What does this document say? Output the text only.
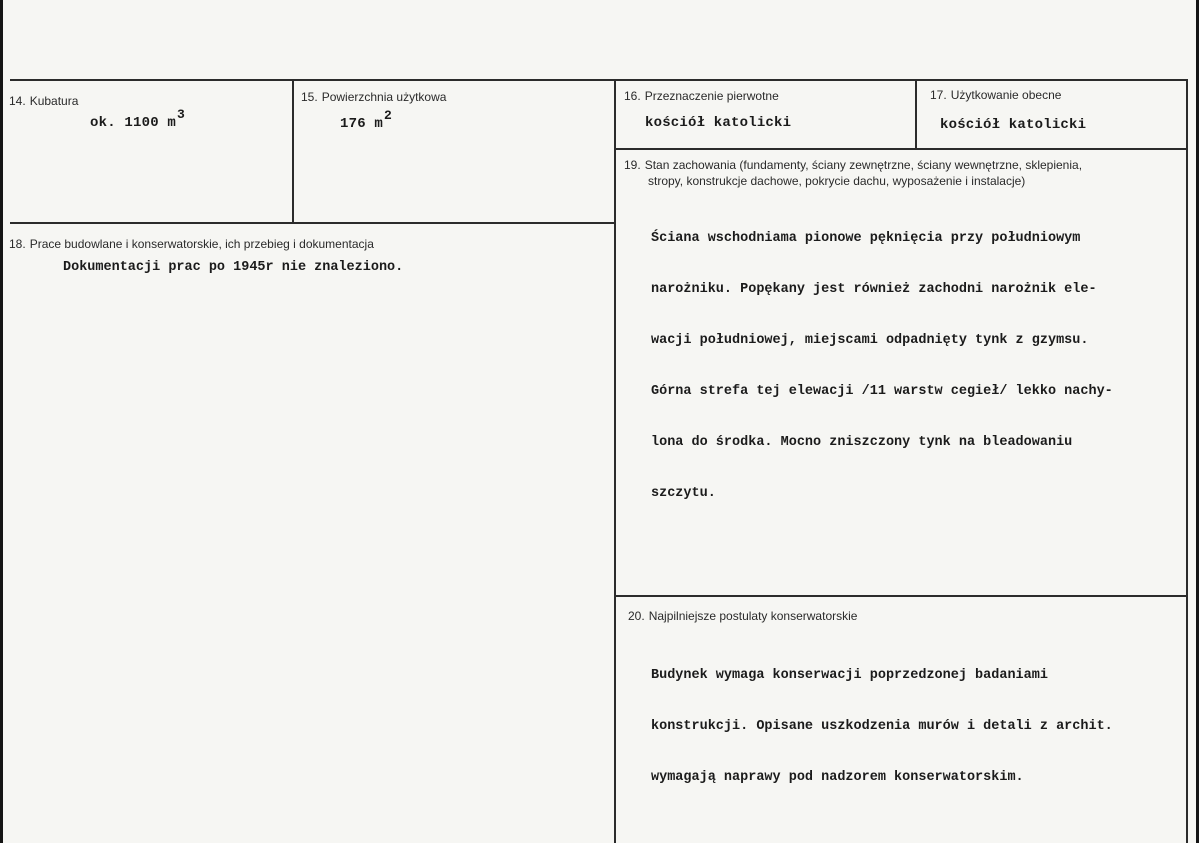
14. Kubatura
ok. 1100 m3
15. Powierzchnia użytkowa
176 m2
16. Przeznaczenie pierwotne
kościół katolicki
17. Użytkowanie obecne
kościół katolicki
18. Prace budowlane i konserwatorskie, ich przebieg i dokumentacja
Dokumentacji prac po 1945r nie znaleziono.
19. Stan zachowania (fundamenty, ściany zewnętrzne, ściany wewnętrzne, sklepienia,
stropy, konstrukcje dachowe, pokrycie dachu, wyposażenie i instalacje)

Ściana wschodniama pionowe pęknięcia przy południowym

narożniku. Popękany jest również zachodni narożnik ele-

wacji południowej, miejscami odpadnięty tynk z gzymsu.

Górna strefa tej elewacji /11 warstw cegieł/ lekko nachy-

lona do środka. Mocno zniszczony tynk na bleadowaniu

szczytu.

20. Najpilniejsze postulaty konserwatorskie

Budynek wymaga konserwacji poprzedzonej badaniami

konstrukcji. Opisane uszkodzenia murów i detali z archit.

wymagają naprawy pod nadzorem konserwatorskim.
